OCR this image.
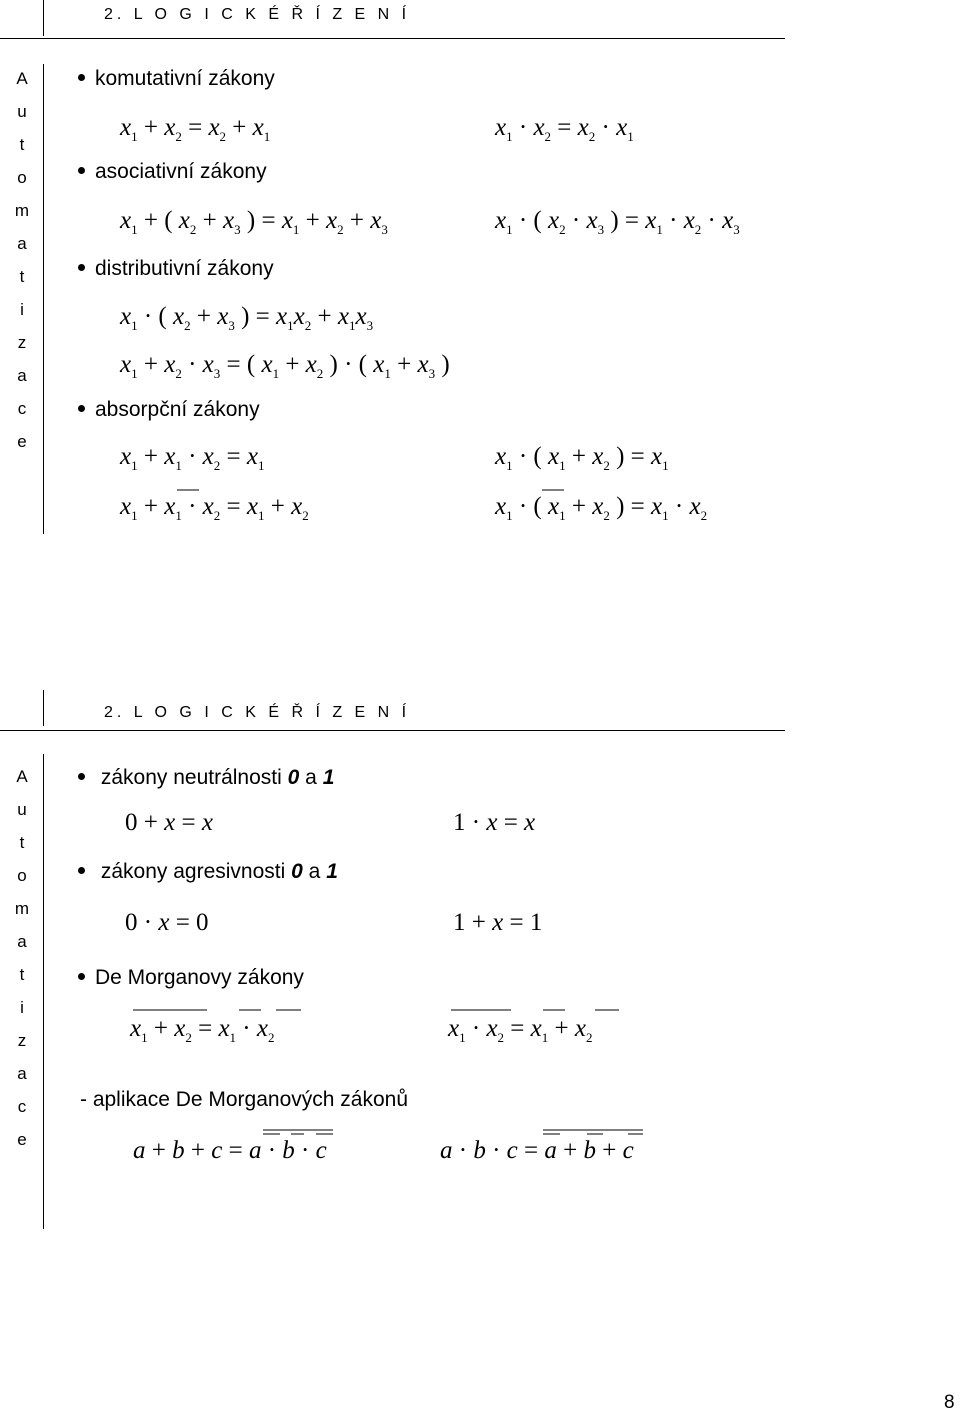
2. L O G I C K É Ř Í Z E N Í
A
u
t
o
m
a
t
i
z
a
c
e
komutativní zákony
$x_1 + x_2 = x_2 + x_1$	$x_1 \cdot x_2 = x_2 \cdot x_1$
asociativní zákony
$x_1$ + ( $x_2 + x_3$ ) = $x_1 + x_2 + x_3$	$x_1$ · ( $x_2 \cdot x_3$ ) = $x_1 \cdot x_2 \cdot x_3$
distributivní zákony
$x_1$ · ( $x_2 + x_3$ ) = $x_1x_2 + x_1x_3$
$x_1 + x_2 \cdot x_3$ = ( $x_1 + x_2$ ) · ( $x_1 + x_3$ )
absorpční zákony
$x_1 + x_1 \cdot x_2 = x_1$	$x_1$ · ( $x_1 + x_2$ ) = $x_1$
$x_1 + x_1 \cdot x_2 = x_1 + x_2$	$x_1$ · ( $x_1 + x_2$ ) = $x_1 \cdot x_2$
2. L O G I C K É Ř Í Z E N Í
A
u
t
o
m
a
t
i
z
a
c
e
zákony neutrálnosti 0 a 1
0 + x = x	1 · x = x
zákony agresivnosti 0 a 1
0 · x = 0	1 + x = 1
De Morganovy zákony
$x_1 + x_2 = x_1 \cdot x_2$	$x_1 \cdot x_2 = x_1 + x_2$
- aplikace De Morganových zákonů
a + b + c = a · b · c	a · b · c = a + b + c
8
